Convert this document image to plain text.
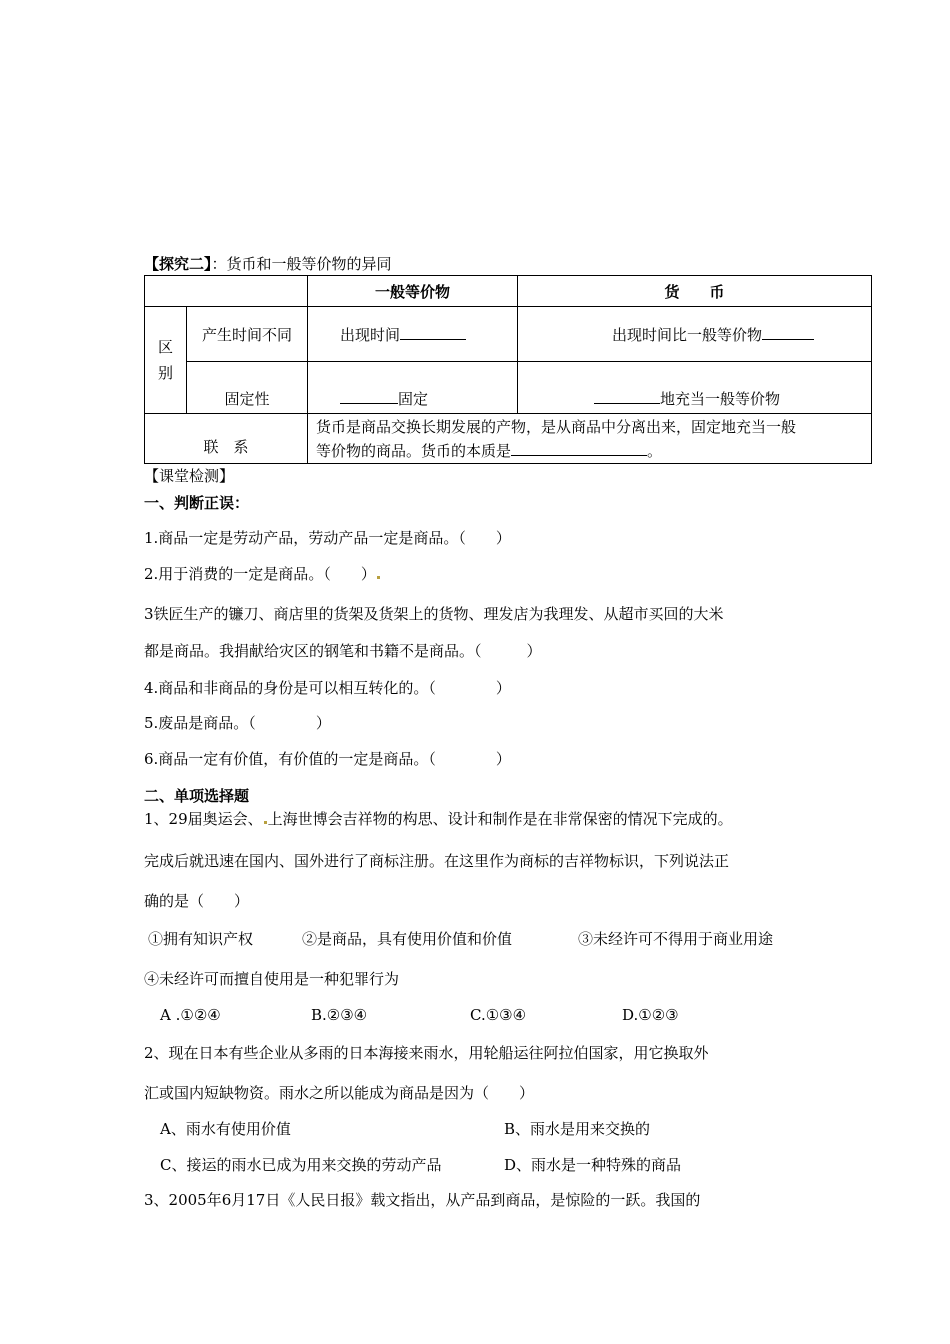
【探究二】：货币和一般等价物的异同
		一般等价物	货　　币

区别	产生时间不同	出现时间	出现时间比一般等价物
	固定性	固定	地充当一般等价物
联　系		货币是商品交换长期发展的产物，是从商品中分离出来，固定地充当一般
等价物的商品。货币的本质是 。	
【课堂检测】
一、判断正误：
1.商品一定是劳动产品，劳动产品一定是商品。（　　）
2.用于消费的一定是商品。（　　）
3铁匠生产的镰刀、商店里的货架及货架上的货物、理发店为我理发、从超市买回的大米
都是商品。我捐献给灾区的钢笔和书籍不是商品。（　　　）
4.商品和非商品的身份是可以相互转化的。（　　　　）
5.废品是商品。（　　　　）
6.商品一定有价值，有价值的一定是商品。（　　　　）
二、单项选择题
1、29届奥运会、 上海世博会吉祥物的构思、设计和制作是在非常保密的情况下完成的。
完成后就迅速在国内、国外进行了商标注册。在这里作为商标的吉祥物标识，下列说法正
确的是（　　）
①拥有知识产权	②是商品，具有使用价值和价值	③未经许可不得用于商业用途
④未经许可而擅自使用是一种犯罪行为
A .①②④	B.②③④	C.①③④	D.①②③
2、现在日本有些企业从多雨的日本海接来雨水，用轮船运往阿拉伯国家，用它换取外
汇或国内短缺物资。雨水之所以能成为商品是因为（　　）
A、雨水有使用价值	B、雨水是用来交换的
C、接运的雨水已成为用来交换的劳动产品	D、雨水是一种特殊的商品
3、2005年6月17日《人民日报》载文指出，从产品到商品，是惊险的一跃。我国的
